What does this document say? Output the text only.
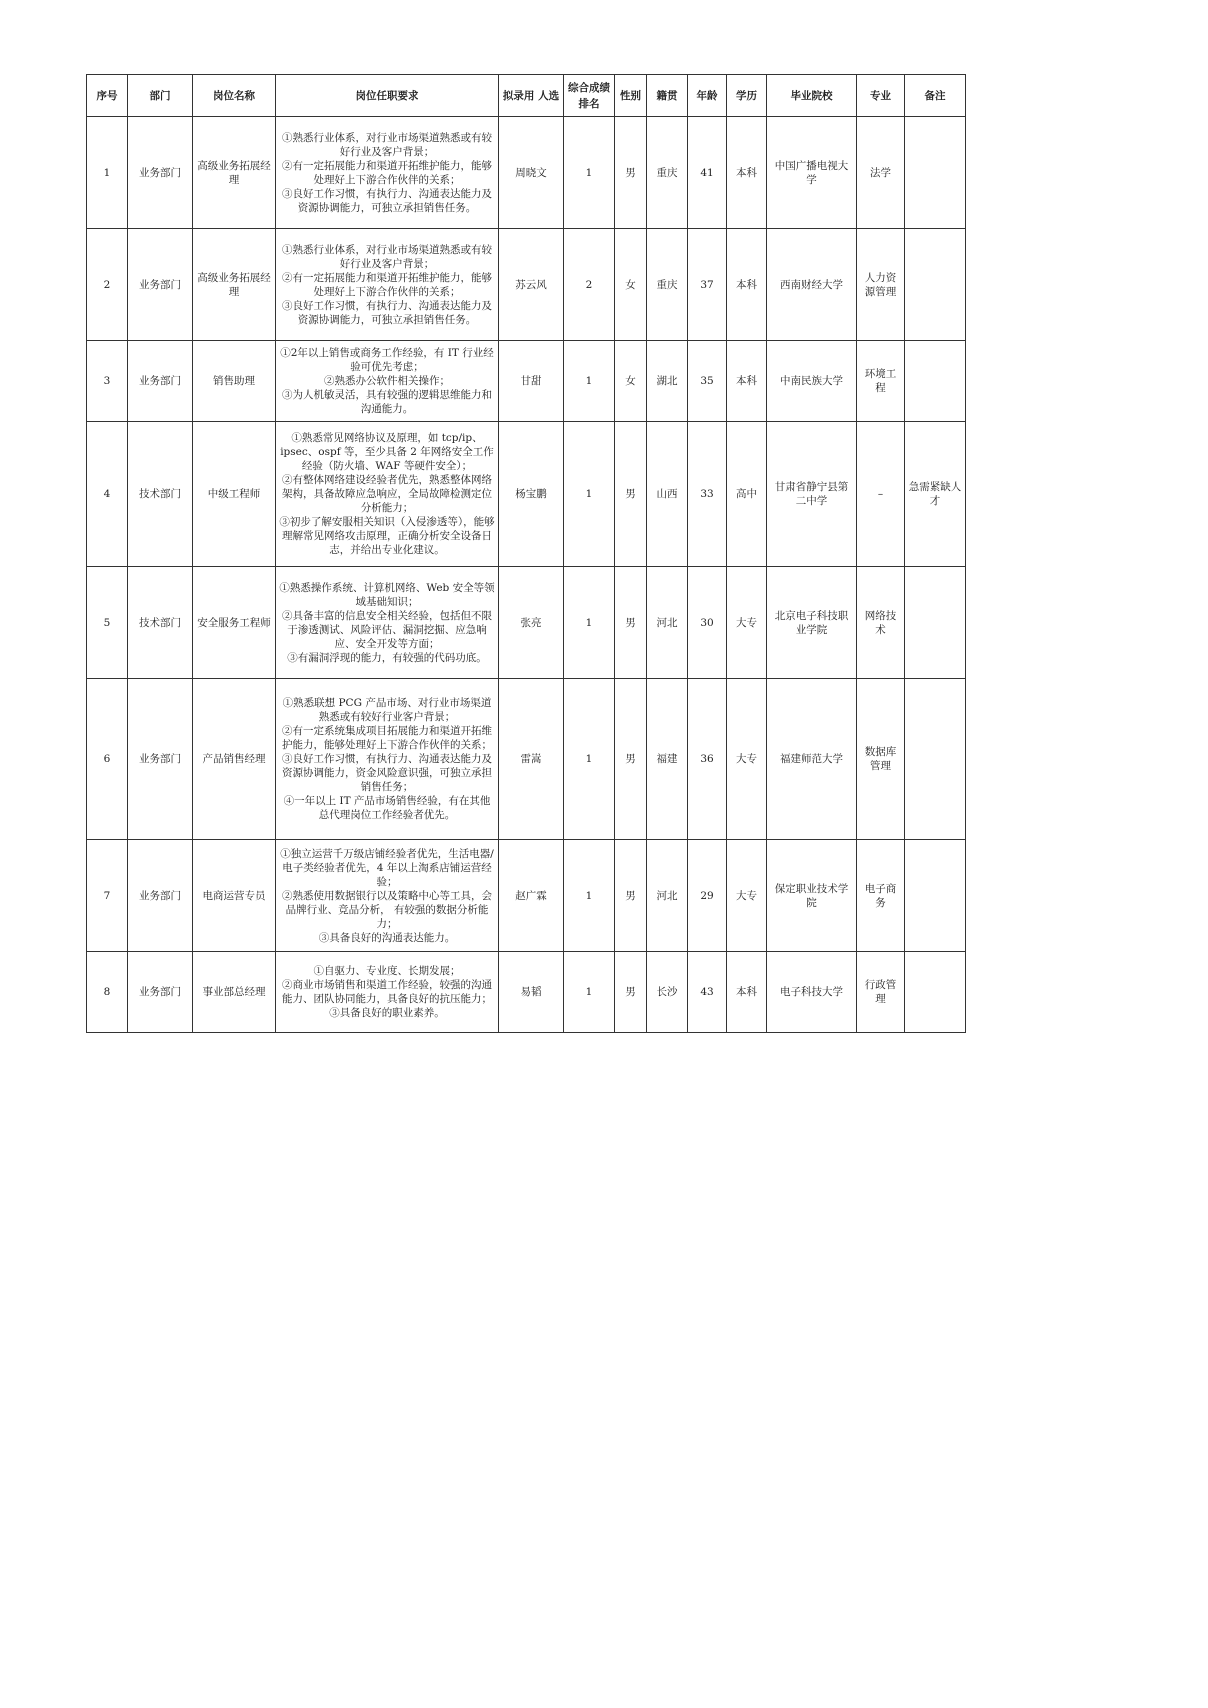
序号	部门	岗位名称	岗位任职要求	拟录用 人选	综合成绩排名	性别	籍贯	年龄	学历	毕业院校	专业	备注
1	业务部门	高级业务拓展经理	①熟悉行业体系，对行业市场渠道熟悉或有较好行业及客户背景；
②有一定拓展能力和渠道开拓维护能力，能够处理好上下游合作伙伴的关系；
③良好工作习惯，有执行力、沟通表达能力及资源协调能力，可独立承担销售任务。	周晓文	1	男	重庆	41	本科	中国广播电视大学	法学	
2	业务部门	高级业务拓展经理	①熟悉行业体系，对行业市场渠道熟悉或有较好行业及客户背景；
②有一定拓展能力和渠道开拓维护能力，能够处理好上下游合作伙伴的关系；
③良好工作习惯，有执行力、沟通表达能力及资源协调能力，可独立承担销售任务。	苏云风	2	女	重庆	37	本科	西南财经大学	人力资源管理	
3	业务部门	销售助理	①2年以上销售或商务工作经验，有 IT 行业经验可优先考虑；
②熟悉办公软件相关操作；
③为人机敏灵活，具有较强的逻辑思维能力和沟通能力。	甘甜	1	女	湖北	35	本科	中南民族大学	环境工程	
4	技术部门	中级工程师	①熟悉常见网络协议及原理，如 tcp/ip、ipsec、ospf 等，至少具备 2 年网络安全工作经验（防火墙、WAF 等硬件安全）；
②有整体网络建设经验者优先，熟悉整体网络架构，具备故障应急响应，全局故障检测定位分析能力；
③初步了解安服相关知识（入侵渗透等），能够理解常见网络攻击原理，正确分析安全设备日志，并给出专业化建议。	杨宝鹏	1	男	山西	33	高中	甘肃省静宁县第二中学	–	急需紧缺人才
5	技术部门	安全服务工程师	①熟悉操作系统、计算机网络、Web 安全等领域基础知识；
②具备丰富的信息安全相关经验，包括但不限于渗透测试、风险评估、漏洞挖掘、应急响应、安全开发等方面；
③有漏洞浮现的能力，有较强的代码功底。	张亮	1	男	河北	30	大专	北京电子科技职业学院	网络技术	
6	业务部门	产品销售经理	①熟悉联想 PCG 产品市场、对行业市场渠道熟悉或有较好行业客户背景；
②有一定系统集成项目拓展能力和渠道开拓维护能力，能够处理好上下游合作伙伴的关系；
③良好工作习惯，有执行力、沟通表达能力及资源协调能力，资金风险意识强，可独立承担销售任务；
④一年以上 IT 产品市场销售经验，有在其他总代理岗位工作经验者优先。	雷嵩	1	男	福建	36	大专	福建师范大学	数据库管理	
7	业务部门	电商运营专员	①独立运营千万级店铺经验者优先，生活电器/电子类经验者优先，4 年以上淘系店铺运营经验；
②熟悉使用数据银行以及策略中心等工具，会品牌行业、竞品分析， 有较强的数据分析能力；
③具备良好的沟通表达能力。	赵广霖	1	男	河北	29	大专	保定职业技术学院	电子商务	
8	业务部门	事业部总经理	①自驱力、专业度、长期发展；
②商业市场销售和渠道工作经验，较强的沟通能力、团队协同能力，具备良好的抗压能力；
③具备良好的职业素养。	易韬	1	男	长沙	43	本科	电子科技大学	行政管理	
